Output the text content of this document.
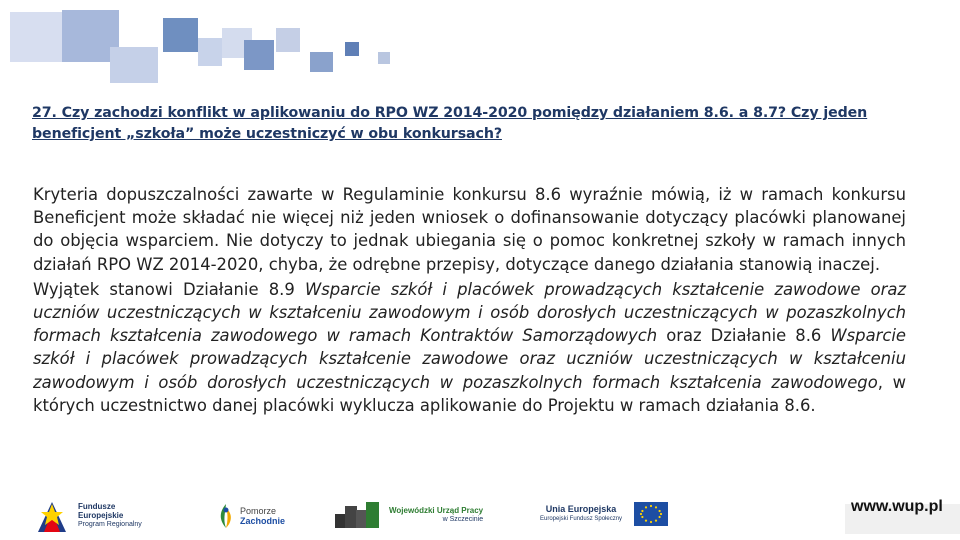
27. Czy zachodzi konflikt w aplikowaniu do RPO WZ 2014-2020 pomiędzy działaniem 8.6. a 8.7? Czy jeden beneficjent „szkoła” może uczestniczyć w obu konkursach?

Kryteria dopuszczalności zawarte w Regulaminie konkursu 8.6 wyraźnie mówią, iż w ramach konkursu Beneficjent może składać nie więcej niż jeden wniosek o dofinansowanie dotyczący placówki planowanej do objęcia wsparciem. Nie dotyczy to jednak ubiegania się o pomoc konkretnej szkoły w ramach innych działań RPO WZ 2014-2020, chyba, że odrębne przepisy, dotyczące danego działania stanowią inaczej.

Wyjątek stanowi Działanie 8.9 Wsparcie szkół i placówek prowadzących kształcenie zawodowe oraz uczniów uczestniczących w kształceniu zawodowym i osób dorosłych uczestniczących w pozaszkolnych formach kształcenia zawodowego w ramach Kontraktów Samorządowych oraz Działanie 8.6 Wsparcie szkół i placówek prowadzących kształcenie zawodowe oraz uczniów uczestniczących w kształceniu zawodowym i osób dorosłych uczestniczących w pozaszkolnych formach kształcenia zawodowego, w których uczestnictwo danej placówki wyklucza aplikowanie do Projektu w ramach działania 8.6.

Fundusze
Europejskie
Program Regionalny
Pomorze
Zachodnie
Wojewódzki Urząd Pracy
w Szczecinie
Unia Europejska
Europejski Fundusz Społeczny
www.wup.pl
